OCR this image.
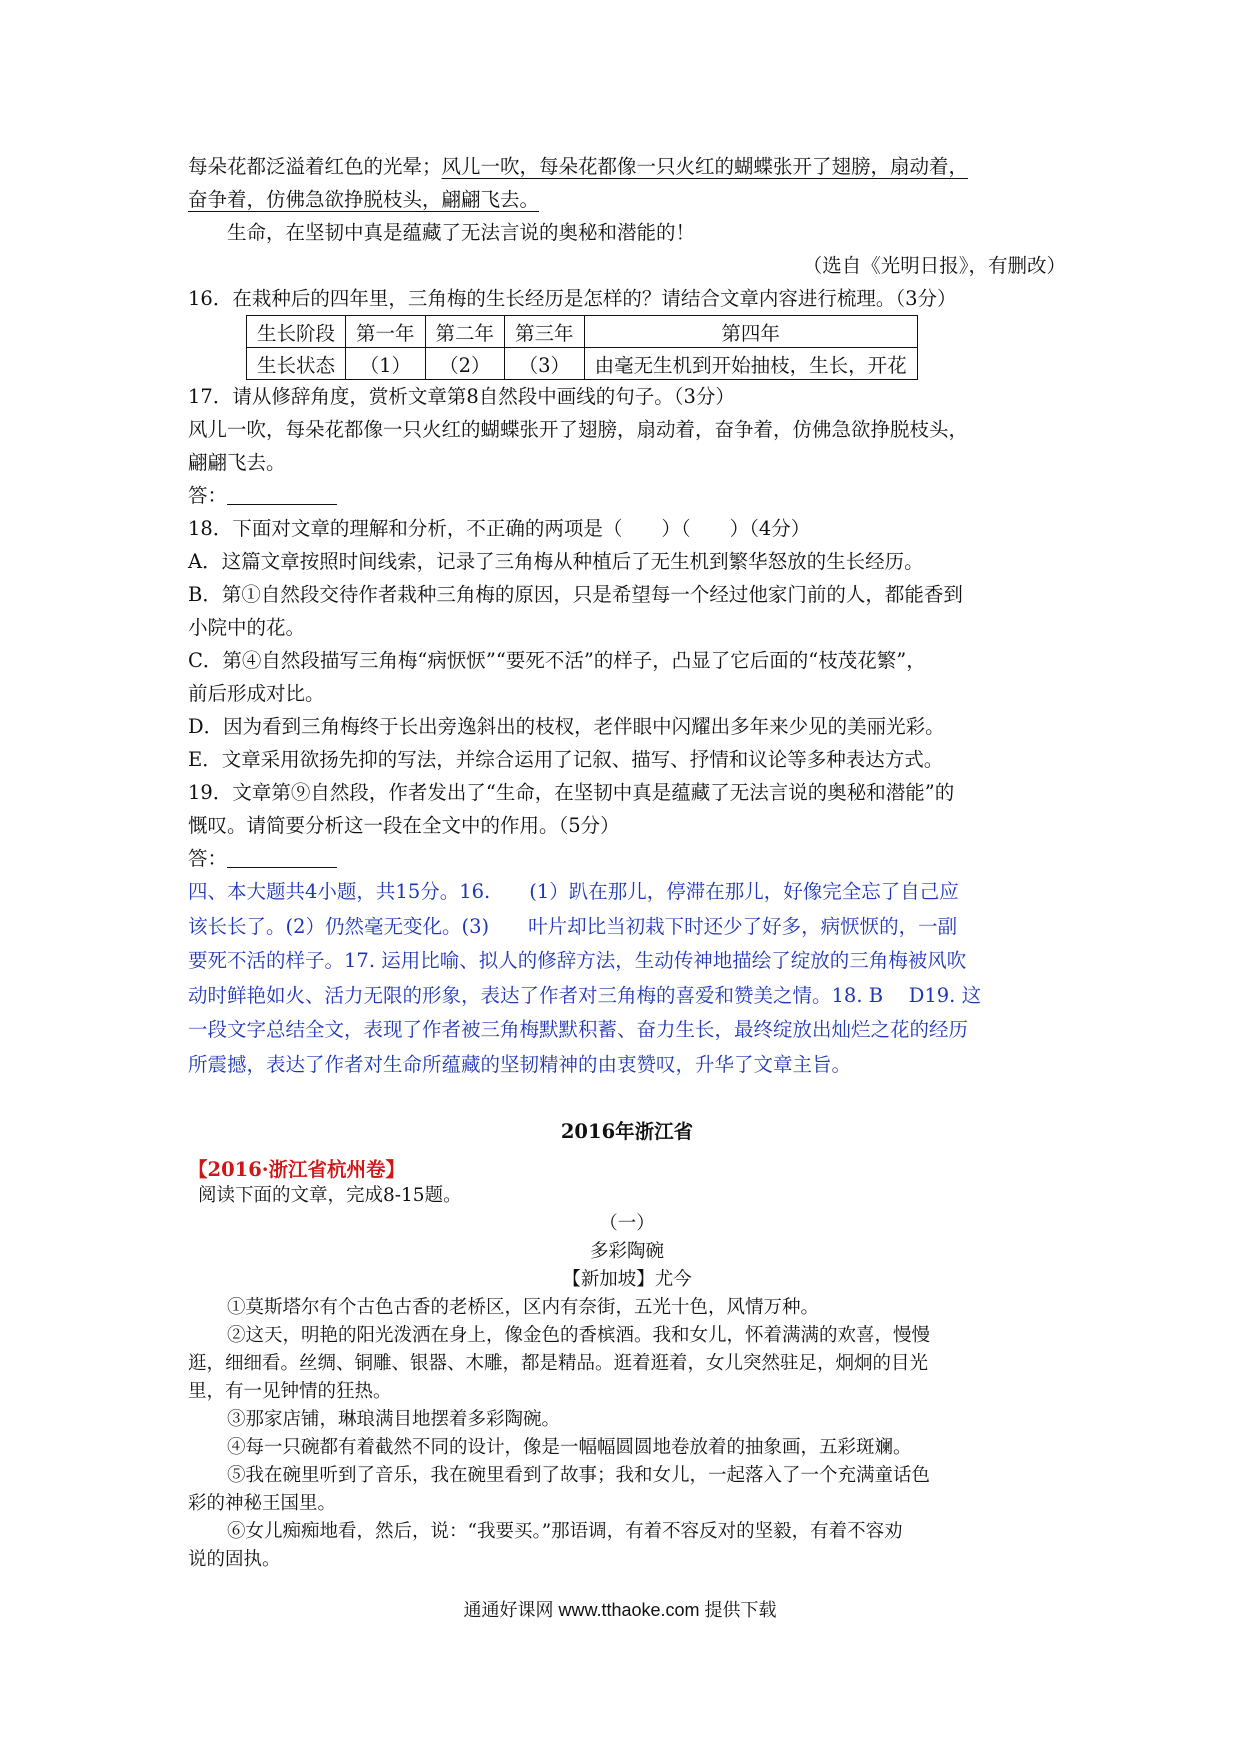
每朵花都泛溢着红色的光晕；风儿一吹，每朵花都像一只火红的蝴蝶张开了翅膀，扇动着，

奋争着，仿佛急欲挣脱枝头，翩翩飞去。

生命，在坚韧中真是蕴藏了无法言说的奥秘和潜能的！

（选自《光明日报》，有删改）

16．在栽种后的四年里，三角梅的生长经历是怎样的？请结合文章内容进行梳理。（3分）

生长阶段	第一年	第二年	第三年	第四年
生长状态	（1）	（2）	（3）	由毫无生机到开始抽枝，生长，开花

17．请从修辞角度，赏析文章第8自然段中画线的句子。（3分）

风儿一吹，每朵花都像一只火红的蝴蝶张开了翅膀，扇动着，奋争着，仿佛急欲挣脱枝头，

翩翩飞去。

答：

18．下面对文章的理解和分析，不正确的两项是（　　）（　　）（4分）

A．这篇文章按照时间线索，记录了三角梅从种植后了无生机到繁华怒放的生长经历。

B．第①自然段交待作者栽种三角梅的原因，只是希望每一个经过他家门前的人，都能香到

小院中的花。

C．第④自然段描写三角梅“病恹恹”“要死不活”的样子，凸显了它后面的“枝茂花繁”，

前后形成对比。

D．因为看到三角梅终于长出旁逸斜出的枝杈，老伴眼中闪耀出多年来少见的美丽光彩。

E．文章采用欲扬先抑的写法，并综合运用了记叙、描写、抒情和议论等多种表达方式。

19．文章第⑨自然段，作者发出了“生命，在坚韧中真是蕴藏了无法言说的奥秘和潜能”的

慨叹。请简要分析这一段在全文中的作用。（5分）

答：

四、本大题共4小题，共15分。16.　　(1）趴在那儿，停滞在那儿，好像完全忘了自己应

该长长了。(2）仍然毫无变化。(3)　　叶片却比当初栽下时还少了好多，病恹恹的，一副

要死不活的样子。17. 运用比喻、拟人的修辞方法，生动传神地描绘了绽放的三角梅被风吹

动时鲜艳如火、活力无限的形象，表达了作者对三角梅的喜爱和赞美之情。18. B　 D19. 这

一段文字总结全文，表现了作者被三角梅默默积蓄、奋力生长，最终绽放出灿烂之花的经历

所震撼，表达了作者对生命所蕴藏的坚韧精神的由衷赞叹，升华了文章主旨。

2016年浙江省

【2016·浙江省杭州卷】

阅读下面的文章，完成8-15题。

（一）

多彩陶碗

【新加坡】尤今

①莫斯塔尔有个古色古香的老桥区，区内有奈街，五光十色，风情万种。

②这天，明艳的阳光泼洒在身上，像金色的香槟酒。我和女儿，怀着满满的欢喜，慢慢

逛，细细看。丝绸、铜雕、银器、木雕，都是精品。逛着逛着，女儿突然驻足，炯炯的目光

里，有一见钟情的狂热。

③那家店铺，琳琅满目地摆着多彩陶碗。

④每一只碗都有着截然不同的设计，像是一幅幅圆圆地卷放着的抽象画，五彩斑斓。

⑤我在碗里听到了音乐，我在碗里看到了故事；我和女儿，一起落入了一个充满童话色

彩的神秘王国里。

⑥女儿痴痴地看，然后，说：“我要买。”那语调，有着不容反对的坚毅，有着不容劝

说的固执。

通通好课网 www.tthaoke.com 提供下载
